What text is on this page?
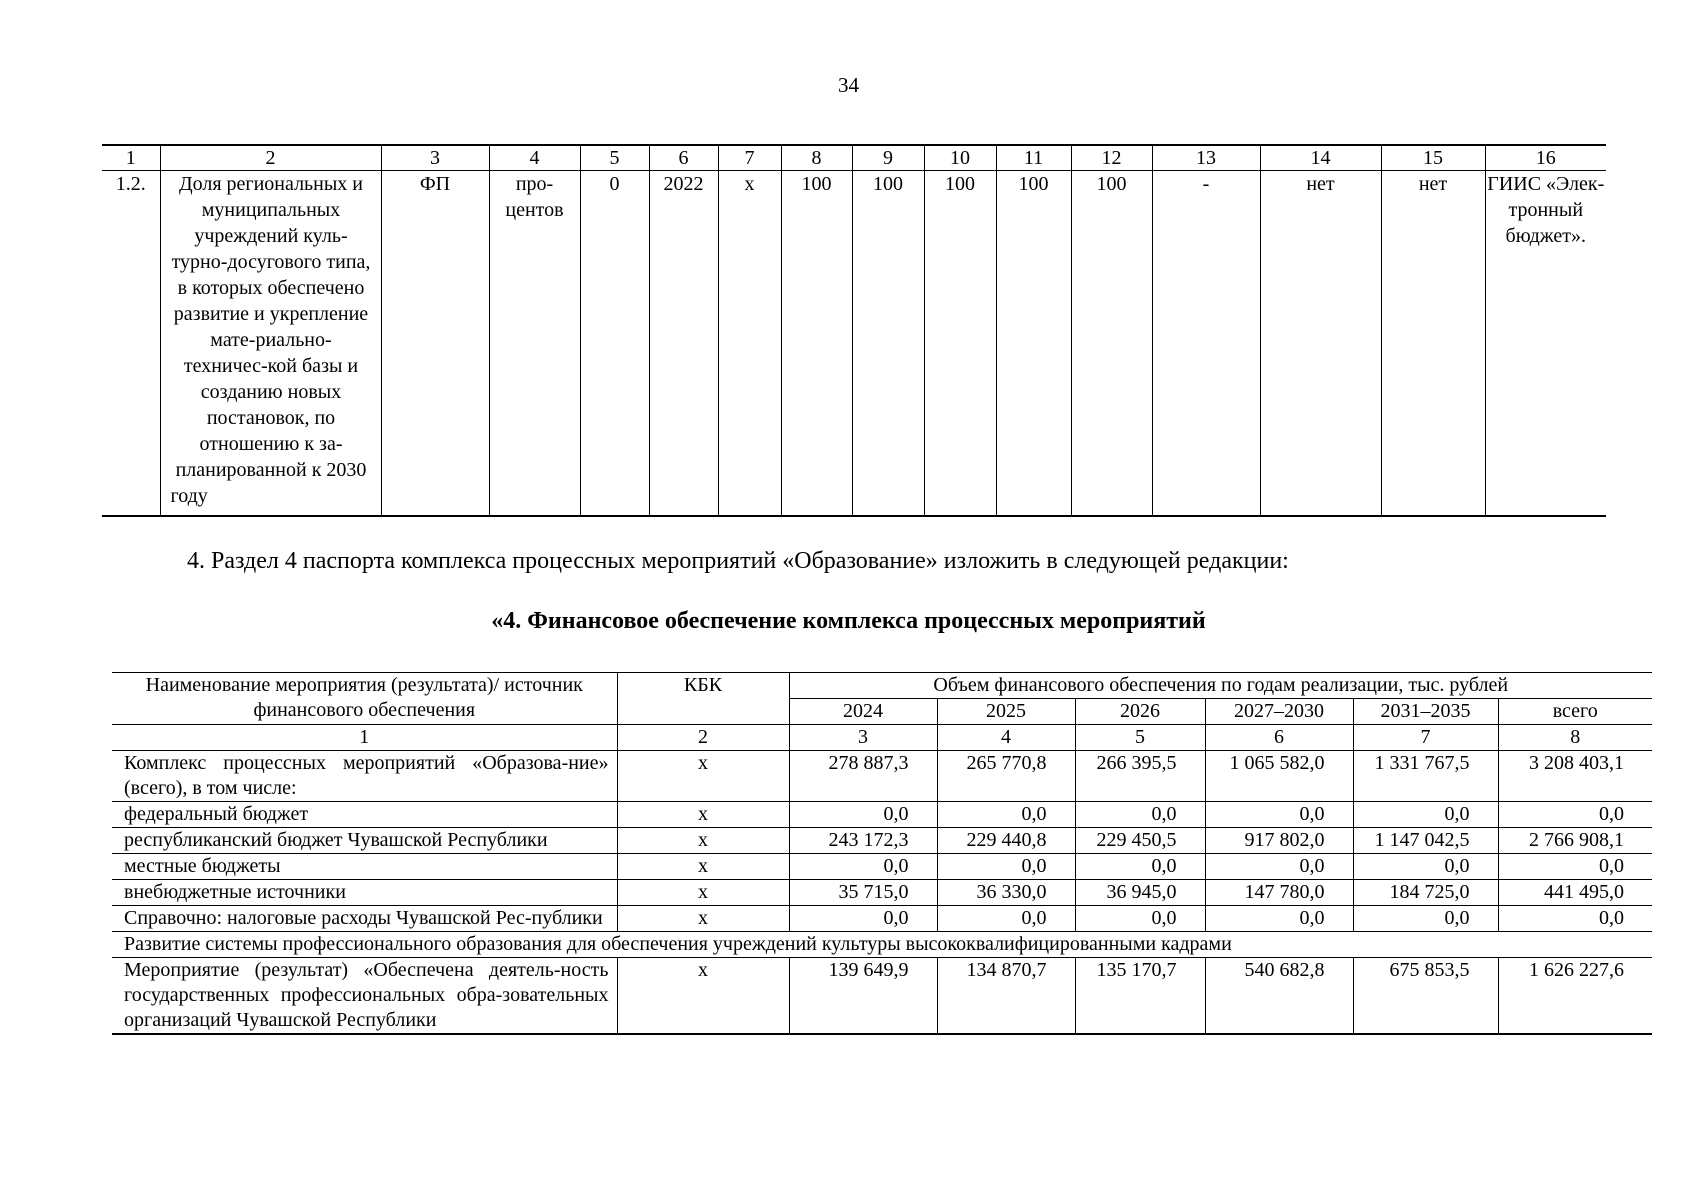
34
1	2	3	4	5	6	7	8	9	10	11	12	13	14	15	16
1.2.	Доля региональных и муниципальных учреждений куль-турно-досугового типа, в которых обеспечено развитие и укрепление мате-риально-техничес-кой базы и созданию новых постановок, по отношению к за-планированной к 2030 году	ФП	про-центов	0	2022	х	100	100	100	100	100	-	нет	нет	ГИИС «Элек-тронный бюджет».
4. Раздел 4 паспорта комплекса процессных мероприятий «Образование» изложить в следующей редакции:
«4. Финансовое обеспечение комплекса процессных мероприятий
Наименование мероприятия (результата)/ источник финансового обеспечения	КБК	Объем финансового обеспечения по годам реализации, тыс. рублей					
		2024	2025	2026	2027–2030	2031–2035	всего
1	2	3	4	5	6	7	8
Комплекс процессных мероприятий «Образова-ние» (всего), в том числе:	х	278 887,3	265 770,8	266 395,5	1 065 582,0	1 331 767,5	3 208 403,1
федеральный бюджет	х	0,0	0,0	0,0	0,0	0,0	0,0
республиканский бюджет Чувашской Республики	х	243 172,3	229 440,8	229 450,5	917 802,0	1 147 042,5	2 766 908,1
местные бюджеты	х	0,0	0,0	0,0	0,0	0,0	0,0
внебюджетные источники	х	35 715,0	36 330,0	36 945,0	147 780,0	184 725,0	441 495,0
Справочно: налоговые расходы Чувашской Рес-публики	х	0,0	0,0	0,0	0,0	0,0	0,0
Развитие системы профессионального образования для обеспечения учреждений культуры высококвалифицированными кадрами							
Мероприятие (результат) «Обеспечена деятель-ность государственных профессиональных обра-зовательных организаций Чувашской Республики	х	139 649,9	134 870,7	135 170,7	540 682,8	675 853,5	1 626 227,6
